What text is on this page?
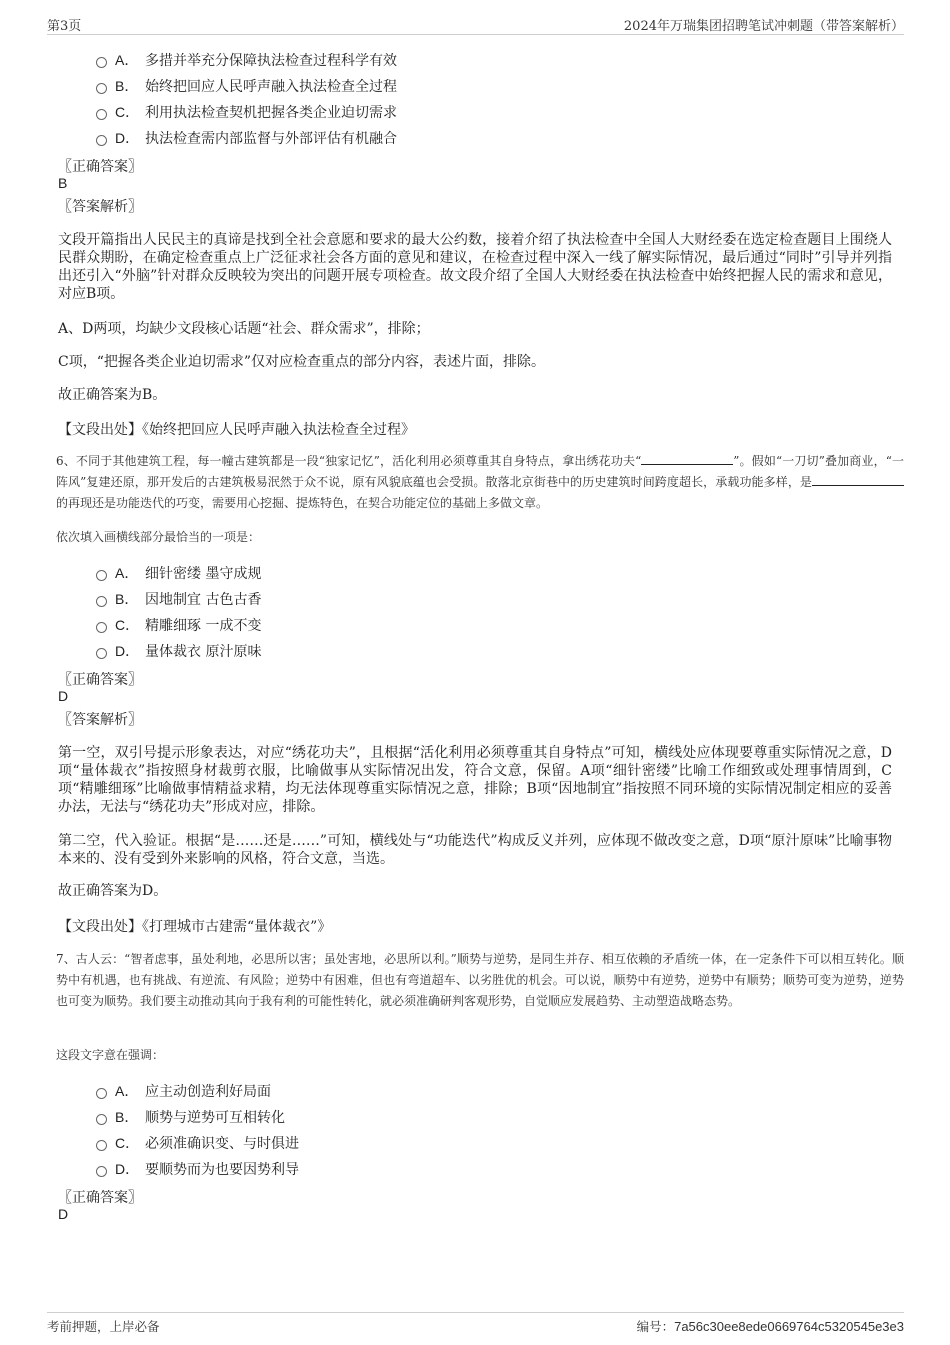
第3页	2024年万瑞集团招聘笔试冲刺题（带答案解析）
A． 多措并举充分保障执法检查过程科学有效
B． 始终把回应人民呼声融入执法检查全过程
C． 利用执法检查契机把握各类企业迫切需求
D． 执法检查需内部监督与外部评估有机融合
〖正确答案〗
B
〖答案解析〗
文段开篇指出人民民主的真谛是找到全社会意愿和要求的最大公约数，接着介绍了执法检查中全国人大财经委在选定检查题目上围绕人民群众期盼，在确定检查重点上广泛征求社会各方面的意见和建议，在检查过程中深入一线了解实际情况，最后通过“同时”引导并列指出还引入“外脑”针对群众反映较为突出的问题开展专项检查。故文段介绍了全国人大财经委在执法检查中始终把握人民的需求和意见，对应B项。
A、D两项，均缺少文段核心话题“社会、群众需求”，排除；
C项，“把握各类企业迫切需求”仅对应检查重点的部分内容，表述片面，排除。
故正确答案为B。
【文段出处】《始终把回应人民呼声融入执法检查全过程》
6、不同于其他建筑工程，每一幢古建筑都是一段“独家记忆”，活化利用必须尊重其自身特点，拿出绣花功夫“	”。假如“一刀切”叠加商业，“一阵风”复建还原，那开发后的古建筑极易泯然于众不说，原有风貌底蕴也会受损。散落北京街巷中的历史建筑时间跨度超长，承载功能多样，是的再现还是功能迭代的巧变，需要用心挖掘、提炼特色，在契合功能定位的基础上多做文章。
依次填入画横线部分最恰当的一项是：
A． 细针密缕 墨守成规
B． 因地制宜 古色古香
C． 精雕细琢 一成不变
D． 量体裁衣 原汁原味
〖正确答案〗
D
〖答案解析〗
第一空，双引号提示形象表达，对应“绣花功夫”，且根据“活化利用必须尊重其自身特点”可知，横线处应体现要尊重实际情况之意，D项“量体裁衣”指按照身材裁剪衣服，比喻做事从实际情况出发，符合文意，保留。A项“细针密缕”比喻工作细致或处理事情周到，C项“精雕细琢”比喻做事情精益求精，均无法体现尊重实际情况之意，排除；B项“因地制宜”指按照不同环境的实际情况制定相应的妥善办法，无法与“绣花功夫”形成对应，排除。
第二空，代入验证。根据“是……还是……”可知，横线处与“功能迭代”构成反义并列，应体现不做改变之意，D项“原汁原味”比喻事物本来的、没有受到外来影响的风格，符合文意，当选。
故正确答案为D。
【文段出处】《打理城市古建需“量体裁衣”》
7、古人云：“智者虑事，虽处利地，必思所以害；虽处害地，必思所以利。”顺势与逆势，是同生并存、相互依赖的矛盾统一体，在一定条件下可以相互转化。顺势中有机遇，也有挑战、有逆流、有风险；逆势中有困难，但也有弯道超车、以劣胜优的机会。可以说，顺势中有逆势，逆势中有顺势；顺势可变为逆势，逆势也可变为顺势。我们要主动推动其向于我有利的可能性转化，就必须准确研判客观形势，自觉顺应发展趋势、主动塑造战略态势。
这段文字意在强调：
A． 应主动创造利好局面
B． 顺势与逆势可互相转化
C． 必须准确识变、与时俱进
D． 要顺势而为也要因势利导
〖正确答案〗
D
考前押题，上岸必备	编号：7a56c30ee8ede0669764c5320545e3e3
